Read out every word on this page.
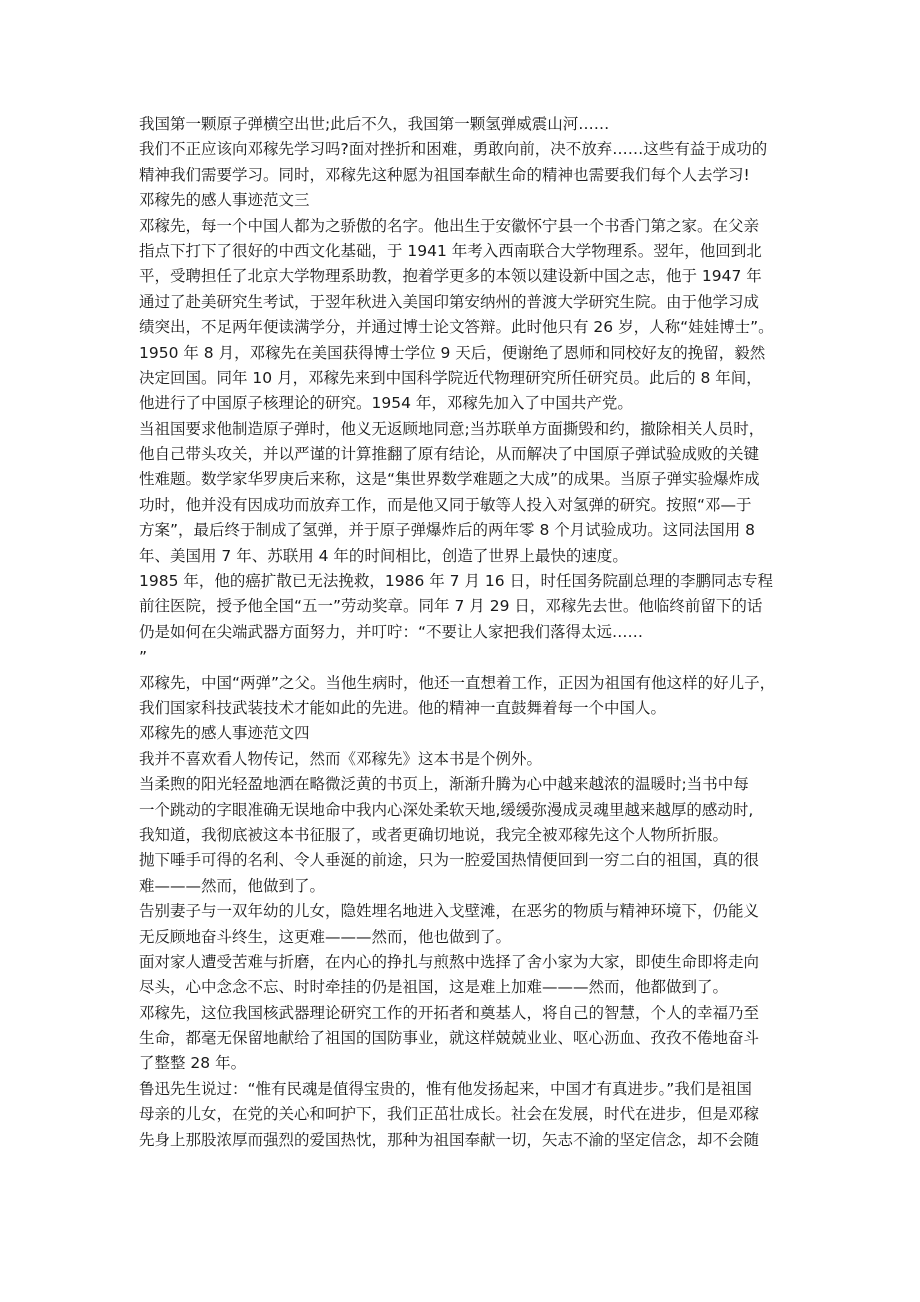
我国第一颗原子弹横空出世;此后不久，我国第一颗氢弹威震山河……
我们不正应该向邓稼先学习吗?面对挫折和困难，勇敢向前，决不放弃……这些有益于成功的
精神我们需要学习。同时，邓稼先这种愿为祖国奉献生命的精神也需要我们每个人去学习!
邓稼先的感人事迹范文三
邓稼先，每一个中国人都为之骄傲的名字。他出生于安徽怀宁县一个书香门第之家。在父亲
指点下打下了很好的中西文化基础，于 1941 年考入西南联合大学物理系。翌年，他回到北
平，受聘担任了北京大学物理系助教，抱着学更多的本领以建设新中国之志，他于 1947 年
通过了赴美研究生考试，于翌年秋进入美国印第安纳州的普渡大学研究生院。由于他学习成
绩突出，不足两年便读满学分，并通过博士论文答辩。此时他只有 26 岁，人称“娃娃博士”。
1950 年 8 月，邓稼先在美国获得博士学位 9 天后，便谢绝了恩师和同校好友的挽留，毅然
决定回国。同年 10 月，邓稼先来到中国科学院近代物理研究所任研究员。此后的 8 年间，
他进行了中国原子核理论的研究。1954 年，邓稼先加入了中国共产党。
当祖国要求他制造原子弹时，他义无返顾地同意;当苏联单方面撕毁和约，撤除相关人员时，
他自己带头攻关，并以严谨的计算推翻了原有结论，从而解决了中国原子弹试验成败的关键
性难题。数学家华罗庚后来称，这是“集世界数学难题之大成”的成果。当原子弹实验爆炸成
功时，他并没有因成功而放弃工作，而是他又同于敏等人投入对氢弹的研究。按照“邓—于
方案”，最后终于制成了氢弹，并于原子弹爆炸后的两年零 8 个月试验成功。这同法国用 8
年、美国用 7 年、苏联用 4 年的时间相比，创造了世界上最快的速度。
1985 年，他的癌扩散已无法挽救，1986 年 7 月 16 日，时任国务院副总理的李鹏同志专程
前往医院，授予他全国“五一”劳动奖章。同年 7 月 29 日，邓稼先去世。他临终前留下的话
仍是如何在尖端武器方面努力，并叮咛：“不要让人家把我们落得太远……
”
邓稼先，中国“两弹”之父。当他生病时，他还一直想着工作，正因为祖国有他这样的好儿子，
我们国家科技武装技术才能如此的先进。他的精神一直鼓舞着每一个中国人。
邓稼先的感人事迹范文四
我并不喜欢看人物传记，然而《邓稼先》这本书是个例外。
当柔煦的阳光轻盈地洒在略微泛黄的书页上，渐渐升腾为心中越来越浓的温暖时;当书中每
一个跳动的字眼准确无误地命中我内心深处柔软天地,缓缓弥漫成灵魂里越来越厚的感动时,
我知道，我彻底被这本书征服了，或者更确切地说，我完全被邓稼先这个人物所折服。
抛下唾手可得的名利、令人垂涎的前途，只为一腔爱国热情便回到一穷二白的祖国，真的很
难———然而，他做到了。
告别妻子与一双年幼的儿女，隐姓埋名地进入戈壁滩，在恶劣的物质与精神环境下，仍能义
无反顾地奋斗终生，这更难———然而，他也做到了。
面对家人遭受苦难与折磨，在内心的挣扎与煎熬中选择了舍小家为大家，即使生命即将走向
尽头，心中念念不忘、时时牵挂的仍是祖国，这是难上加难———然而，他都做到了。
邓稼先，这位我国核武器理论研究工作的开拓者和奠基人，将自己的智慧，个人的幸福乃至
生命，都毫无保留地献给了祖国的国防事业，就这样兢兢业业、呕心沥血、孜孜不倦地奋斗
了整整 28 年。
鲁迅先生说过：“惟有民魂是值得宝贵的，惟有他发扬起来，中国才有真进步。”我们是祖国
母亲的儿女，在党的关心和呵护下，我们正茁壮成长。社会在发展，时代在进步，但是邓稼
先身上那股浓厚而强烈的爱国热忱，那种为祖国奉献一切，矢志不渝的坚定信念，却不会随
